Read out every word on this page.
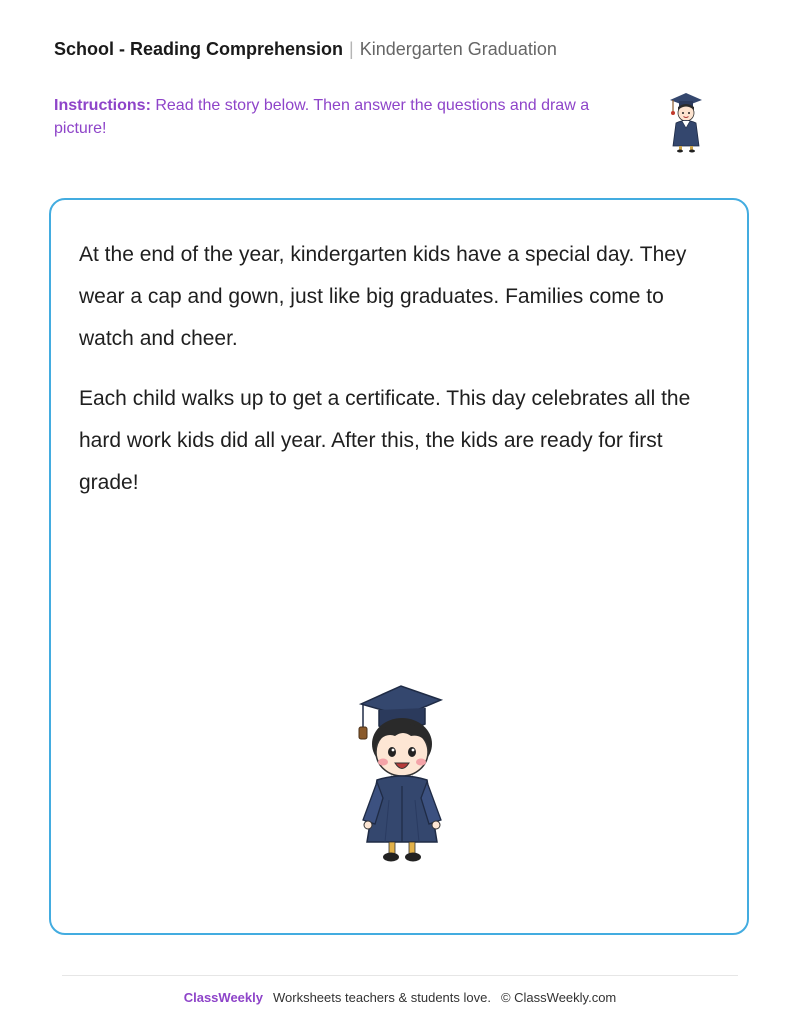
School - Reading Comprehension | Kindergarten Graduation
Instructions: Read the story below. Then answer the questions and draw a picture!

At the end of the year, kindergarten kids have a special day. They wear a cap and gown, just like big graduates. Families come to watch and cheer.

Each child walks up to get a certificate. This day celebrates all the hard work kids did all year. After this, the kids are ready for first grade!

ClassWeekly Worksheets teachers & students love. © ClassWeekly.com
